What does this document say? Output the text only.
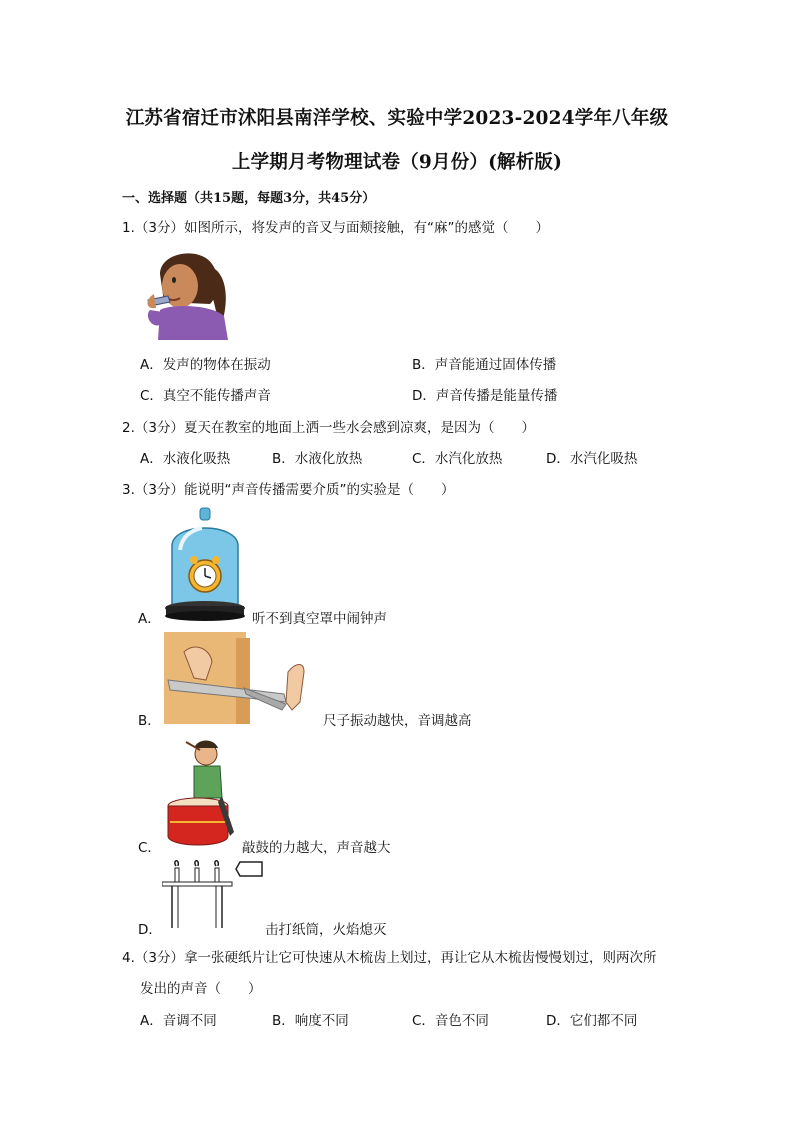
江苏省宿迁市沭阳县南洋学校、实验中学2023-2024学年八年级
上学期月考物理试卷（9月份）(解析版)
一、选择题（共15题，每题3分，共45分）
1.（3分）如图所示，将发声的音叉与面颊接触，有“麻”的感觉（　　）
A．发声的物体在振动	B．声音能通过固体传播
C．真空不能传播声音	D．声音传播是能量传播
2.（3分）夏天在教室的地面上洒一些水会感到凉爽，是因为（　　）
A．水液化吸热	B．水液化放热	C．水汽化放热	D．水汽化吸热
3.（3分）能说明“声音传播需要介质”的实验是（　　）
A．	听不到真空罩中闹钟声
B．	尺子振动越快，音调越高
C．	敲鼓的力越大，声音越大
D．	击打纸筒，火焰熄灭
4.（3分）拿一张硬纸片让它可快速从木梳齿上划过，再让它从木梳齿慢慢划过，则两次所
发出的声音（　　）
A．音调不同	B．响度不同	C．音色不同	D．它们都不同
